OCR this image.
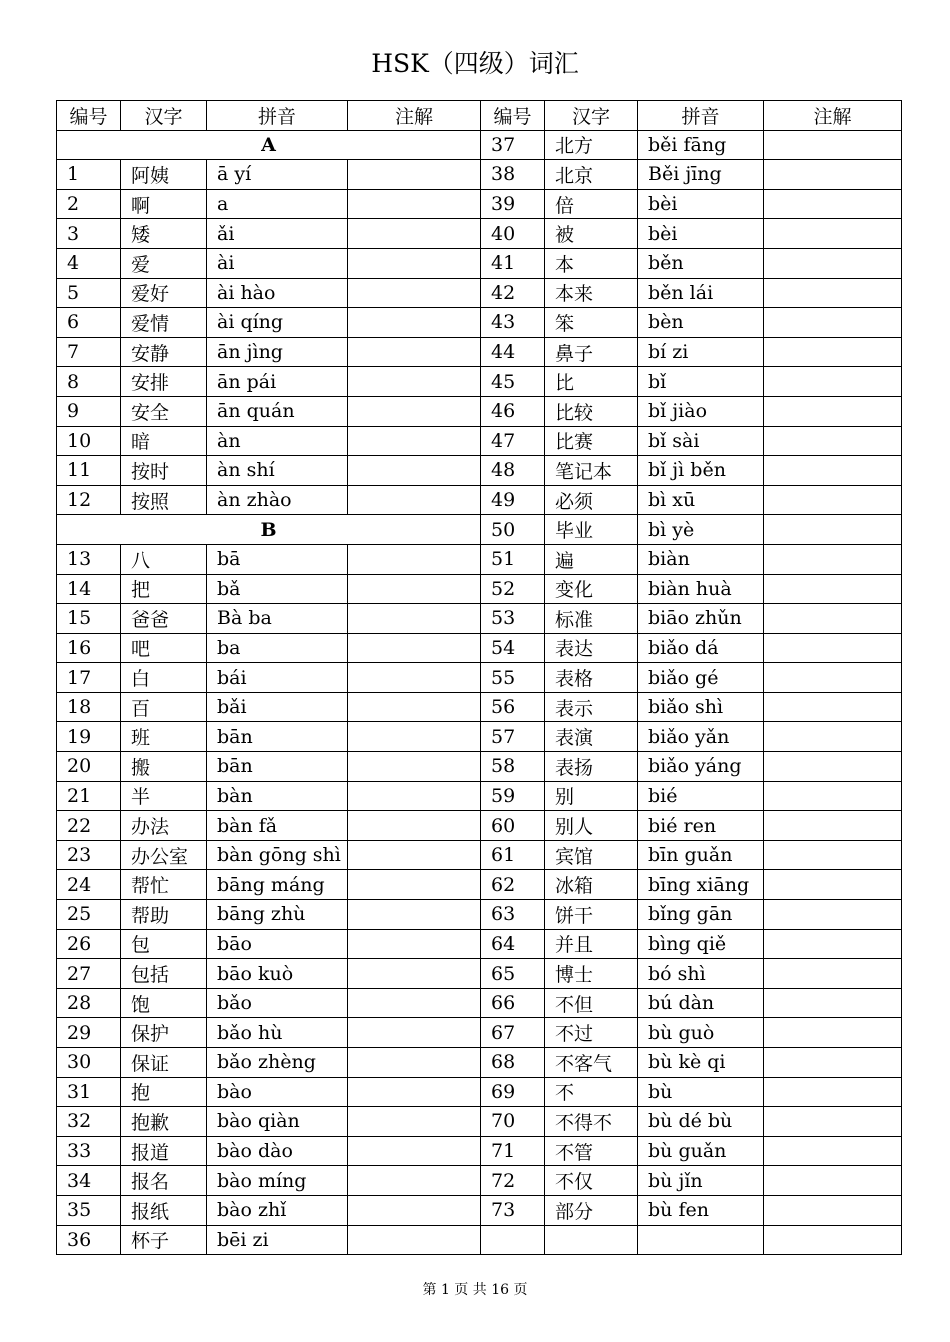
HSK（四级）词汇
编号	汉字	拼音	注解	编号	汉字	拼音	注解
A				37	北方	běi fāng	
1	阿姨	ā yí		38	北京	Běi jīng	
2	啊	a		39	倍	bèi	
3	矮	ǎi		40	被	bèi	
4	爱	ài		41	本	běn	
5	爱好	ài hào		42	本来	běn lái	
6	爱情	ài qíng		43	笨	bèn	
7	安静	ān jìng		44	鼻子	bí zi	
8	安排	ān pái		45	比	bǐ	
9	安全	ān quán		46	比较	bǐ jiào	
10	暗	àn		47	比赛	bǐ sài	
11	按时	àn shí		48	笔记本	bǐ jì běn	
12	按照	àn zhào		49	必须	bì xū	
B				50	毕业	bì yè	
13	八	bā		51	遍	biàn	
14	把	bǎ		52	变化	biàn huà	
15	爸爸	Bà ba		53	标准	biāo zhǔn	
16	吧	ba		54	表达	biǎo dá	
17	白	bái		55	表格	biǎo gé	
18	百	bǎi		56	表示	biǎo shì	
19	班	bān		57	表演	biǎo yǎn	
20	搬	bān		58	表扬	biǎo yáng	
21	半	bàn		59	别	bié	
22	办法	bàn fǎ		60	别人	bié ren	
23	办公室	bàn gōng shì		61	宾馆	bīn guǎn	
24	帮忙	bāng máng		62	冰箱	bīng xiāng	
25	帮助	bāng zhù		63	饼干	bǐng gān	
26	包	bāo		64	并且	bìng qiě	
27	包括	bāo kuò		65	博士	bó shì	
28	饱	bǎo		66	不但	bú dàn	
29	保护	bǎo hù		67	不过	bù guò	
30	保证	bǎo zhèng		68	不客气	bù kè qi	
31	抱	bào		69	不	bù	
32	抱歉	bào qiàn		70	不得不	bù dé bù	
33	报道	bào dào		71	不管	bù guǎn	
34	报名	bào míng		72	不仅	bù jǐn	
35	报纸	bào zhǐ		73	部分	bù fen	
36	杯子	bēi zi					
第 1 页 共 16 页
